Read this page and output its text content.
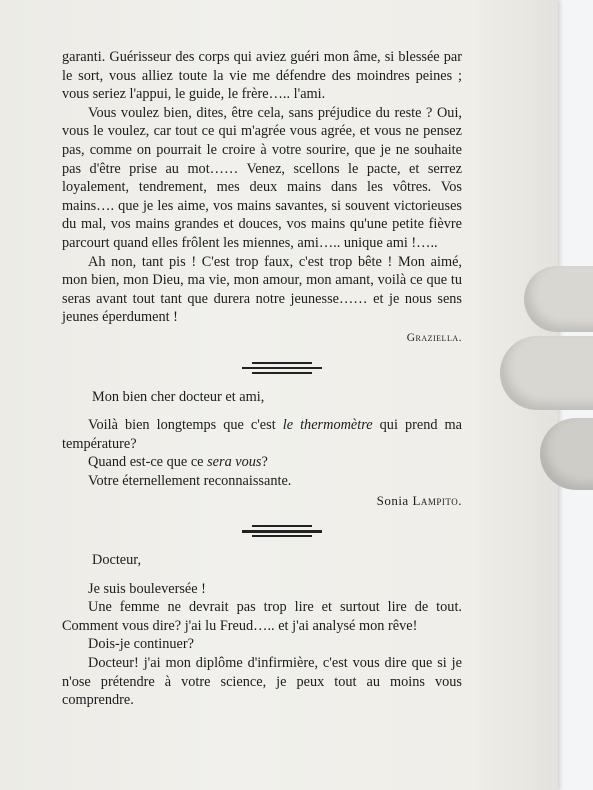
garanti. Guérisseur des corps qui aviez guéri mon âme, si blessée par le sort, vous alliez toute la vie me défendre des moindres peines ; vous seriez l'appui, le guide, le frère….. l'ami.

Vous voulez bien, dites, être cela, sans préjudice du reste ? Oui, vous le voulez, car tout ce qui m'agrée vous agrée, et vous ne pensez pas, comme on pourrait le croire à votre sourire, que je ne souhaite pas d'être prise au mot…… Venez, scellons le pacte, et serrez loyalement, tendrement, mes deux mains dans les vôtres. Vos mains…. que je les aime, vos mains savantes, si souvent victorieuses du mal, vos mains grandes et douces, vos mains qu'une petite fièvre parcourt quand elles frôlent les miennes, ami….. unique ami !…..

Ah non, tant pis ! C'est trop faux, c'est trop bête ! Mon aimé, mon bien, mon Dieu, ma vie, mon amour, mon amant, voilà ce que tu seras avant tout tant que durera notre jeunesse…… et je nous sens jeunes éperdument !

Graziella.

Mon bien cher docteur et ami,

Voilà bien longtemps que c'est le thermomètre qui prend ma température?

Quand est-ce que ce sera vous?

Votre éternellement reconnaissante.

Sonia Lampito.

Docteur,

Je suis bouleversée !

Une femme ne devrait pas trop lire et surtout lire de tout. Comment vous dire? j'ai lu Freud….. et j'ai analysé mon rêve!

Dois-je continuer?

Docteur! j'ai mon diplôme d'infirmière, c'est vous dire que si je n'ose prétendre à votre science, je peux tout au moins vous comprendre.
